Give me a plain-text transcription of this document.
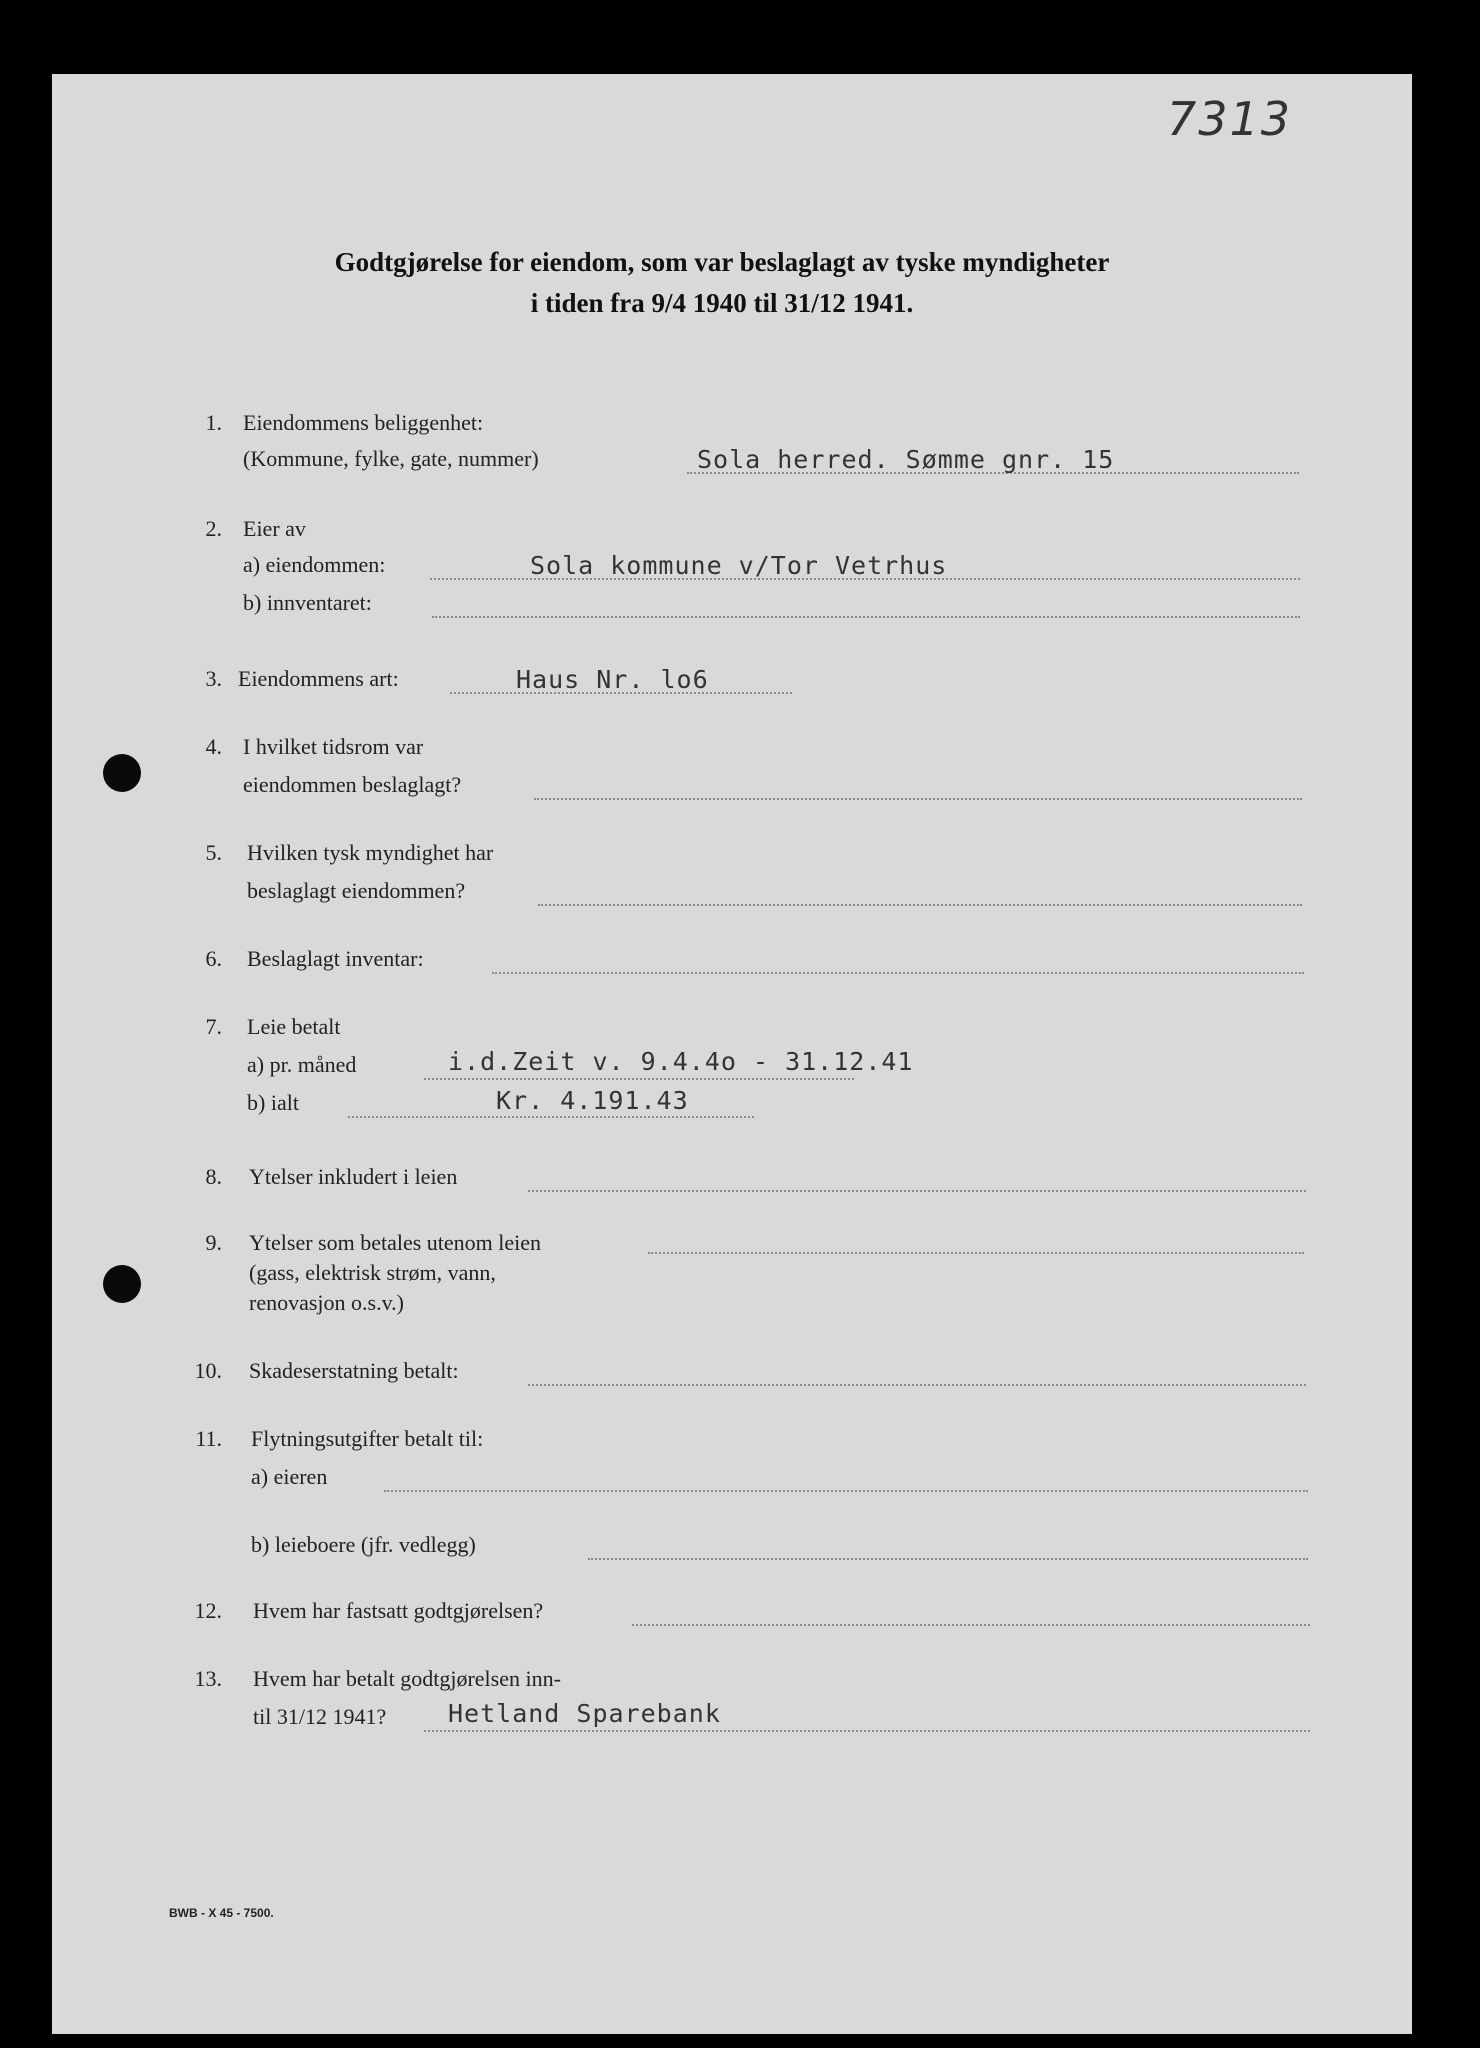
7313
Godtgjørelse for eiendom, som var beslaglagt av tyske myndigheter
i tiden fra 9/4 1940 til 31/12 1941.
1. Eiendommens beliggenhet:
(Kommune, fylke, gate, nummer)	Sola herred. Sømme gnr. 15
2. Eier av
a) eiendommen:	Sola kommune v/Tor Vetrhus
b) innventaret:
3. Eiendommens art:	Haus Nr. lo6
4. I hvilket tidsrom var
eiendommen beslaglagt?
5. Hvilken tysk myndighet har
beslaglagt eiendommen?
6. Beslaglagt inventar:
7. Leie betalt
a) pr. måned	i.d.Zeit v. 9.4.4o - 31.12.41
b) ialt	Kr. 4.191.43
8. Ytelser inkludert i leien
9. Ytelser som betales utenom leien
(gass, elektrisk strøm, vann,
renovasjon o.s.v.)
10. Skadeserstatning betalt:
11. Flytningsutgifter betalt til:
a) eieren
b) leieboere (jfr. vedlegg)
12. Hvem har fastsatt godtgjørelsen?
13. Hvem har betalt godtgjørelsen inn-
til 31/12 1941? Hetland Sparebank
BWB - X 45 - 7500.
